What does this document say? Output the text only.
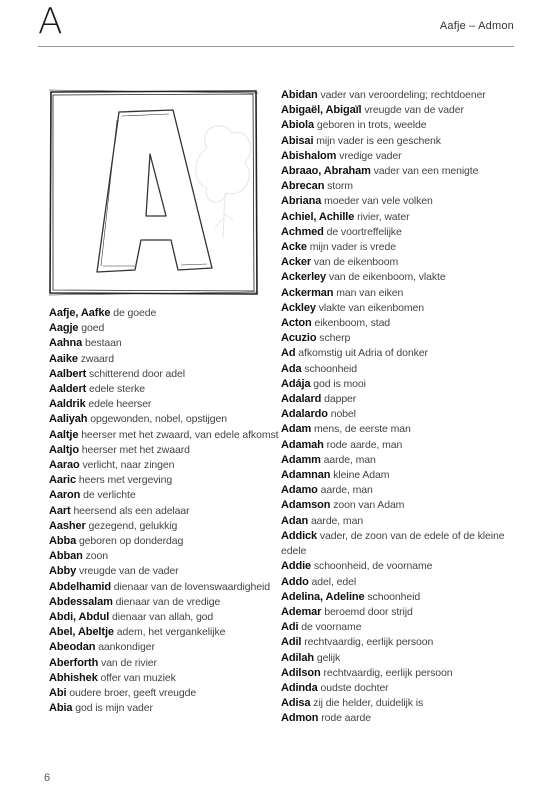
A	Aafje – Admon
Aafje, Aafke de goede
Aagje goed
Aahna bestaan
Aaike zwaard
Aalbert schitterend door adel
Aaldert edele sterke
Aaldrik edele heerser
Aaliyah opgewonden, nobel, opstijgen
Aaltje heerser met het zwaard, van edele afkomst
Aaltjo heerser met het zwaard
Aarao verlicht, naar zingen
Aaric heers met vergeving
Aaron de verlichte
Aart heersend als een adelaar
Aasher gezegend, gelukkig
Abba geboren op donderdag
Abban zoon
Abby vreugde van de vader
Abdelhamid dienaar van de lovenswaardigheid
Abdessalam dienaar van de vredige
Abdi, Abdul dienaar van allah, god
Abel, Abeltje adem, het vergankelijke
Abeodan aankondiger
Aberforth van de rivier
Abhishek offer van muziek
Abi oudere broer, geeft vreugde
Abia god is mijn vader
Abidan vader van veroordeling; rechtdoener
Abigaël, Abigaïl vreugde van de vader
Abiola geboren in trots, weelde
Abisai mijn vader is een geschenk
Abishalom vredige vader
Abraao, Abraham vader van een menigte
Abrecan storm
Abriana moeder van vele volken
Achiel, Achille rivier, water
Achmed de voortreffelijke
Acke mijn vader is vrede
Acker van de eikenboom
Ackerley van de eikenboom, vlakte
Ackerman man van eiken
Ackley vlakte van eikenbomen
Acton eikenboom, stad
Acuzio scherp
Ad afkomstig uit Adria of donker
Ada schoonheid
Adája god is mooi
Adalard dapper
Adalardo nobel
Adam mens, de eerste man
Adamah rode aarde, man
Adamm aarde, man
Adamnan kleine Adam
Adamo aarde, man
Adamson zoon van Adam
Adan aarde, man
Addick vader, de zoon van de edele of de kleine edele
Addie schoonheid, de voorname
Addo adel, edel
Adelina, Adeline schoonheid
Ademar beroemd door strijd
Adi de voorname
Adil rechtvaardig, eerlijk persoon
Adilah gelijk
Adilson rechtvaardig, eerlijk persoon
Adinda oudste dochter
Adisa zij die helder, duidelijk is
Admon rode aarde
6
